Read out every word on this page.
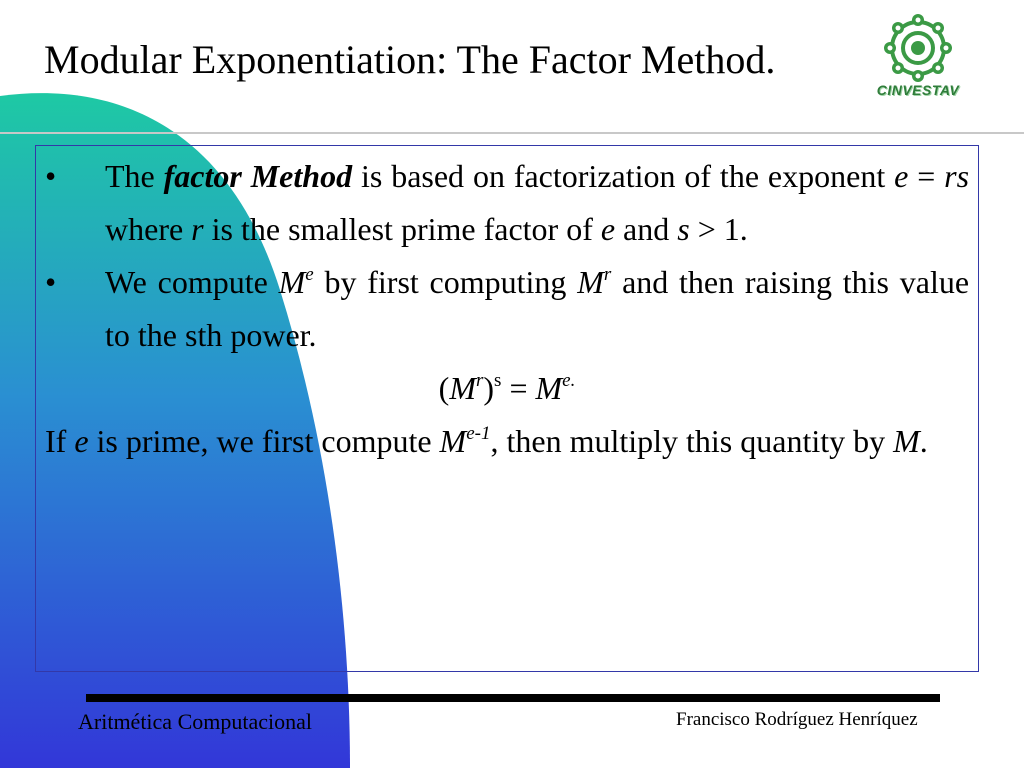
Modular Exponentiation: The Factor Method.
CINVESTAV
• The factor Method is based on factorization of the exponent e = rs where r is the smallest prime factor of e and s > 1.
• We compute Me by first computing $M^r$ and then raising this value to the sth power.
$(M^r)^s = M^{e.}$
If e is prime, we first compute $M^{e-1}$, then multiply this quantity by M.
Aritmética Computacional	Francisco Rodríguez Henríquez
